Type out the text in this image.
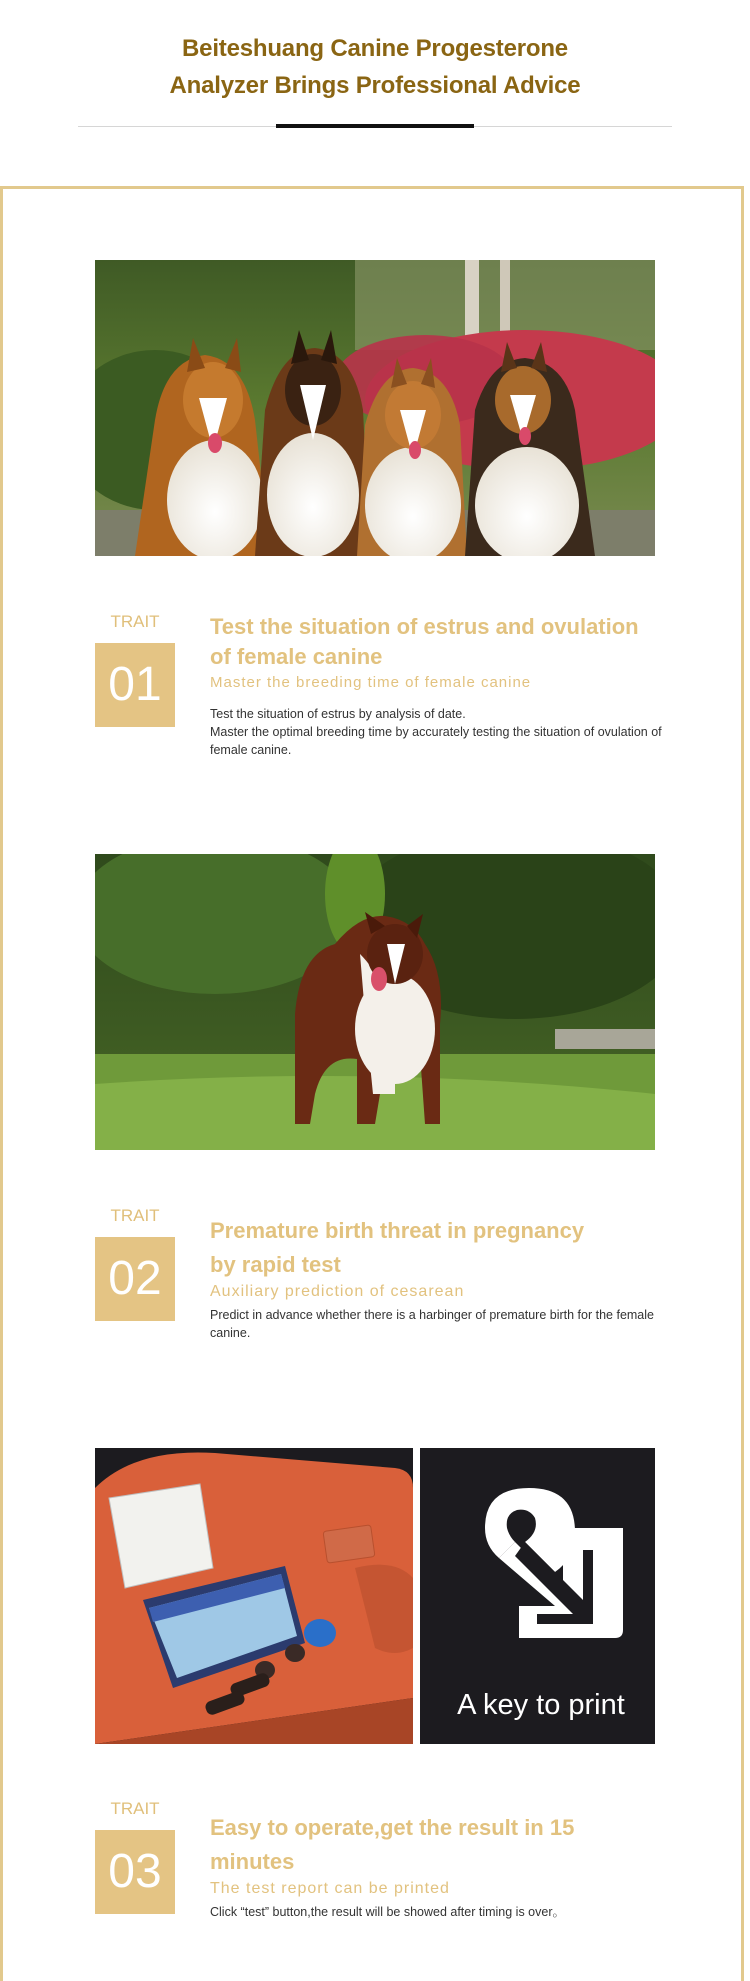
Beiteshuang Canine Progesterone
Analyzer Brings Professional Advice
TRAIT
01
Test the situation of estrus and ovulation
of female canine
Master the breeding time of female canine
Test the situation of estrus by analysis of date.
Master the optimal breeding time by accurately testing the situation of ovulation of female canine.
TRAIT
02
Premature birth threat in pregnancy
by rapid test
Auxiliary prediction of cesarean
Predict in advance whether there is a harbinger of premature birth for the female canine.
A key to print
TRAIT
03
Easy to operate,get the result in 15
minutes
The test report can be printed
Click “test” button,the result will be showed after timing is over。
